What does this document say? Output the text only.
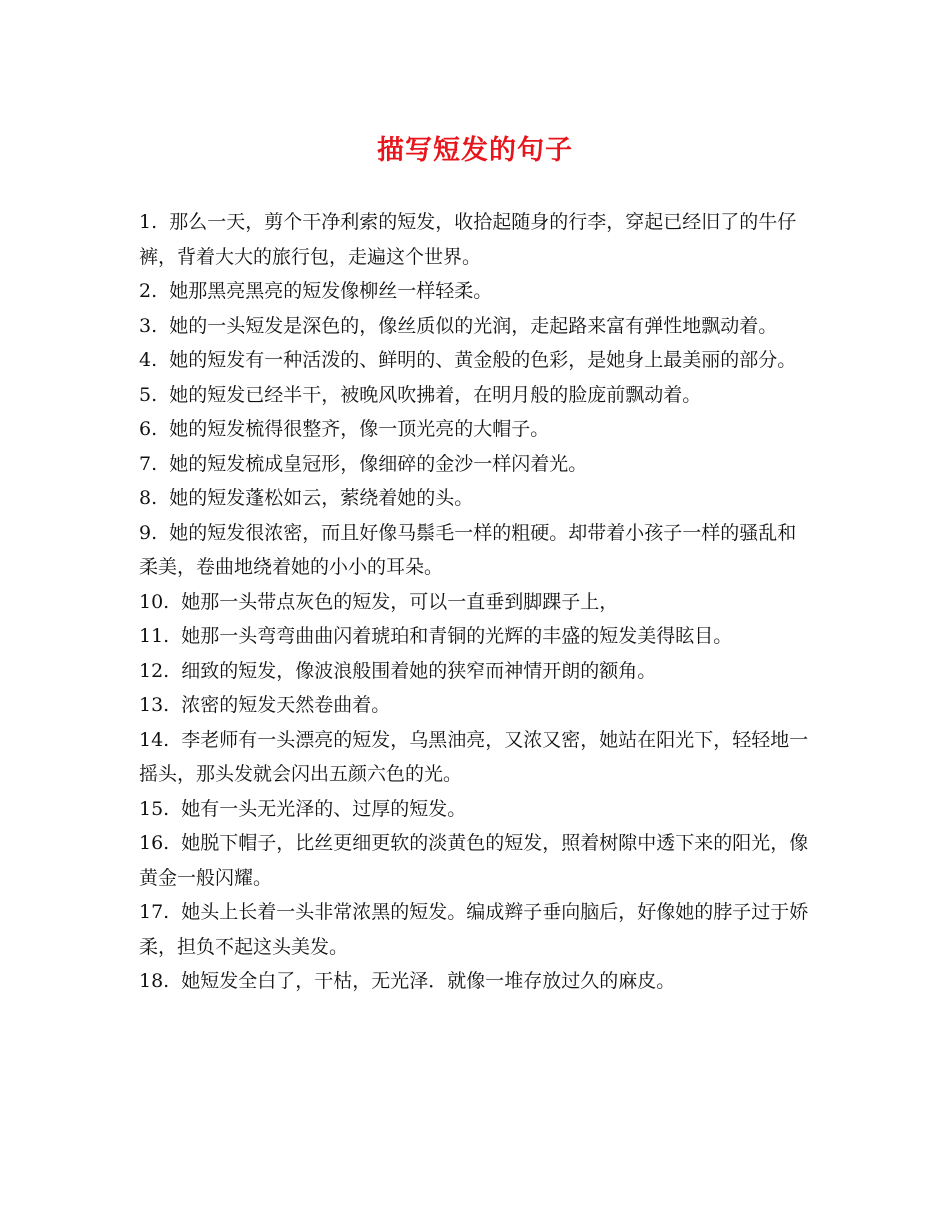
描写短发的句子
1.  那么一天，剪个干净利索的短发，收拾起随身的行李，穿起已经旧了的牛仔裤，背着大大的旅行包，走遍这个世界。
2.  她那黑亮黑亮的短发像柳丝一样轻柔。
3.  她的一头短发是深色的，像丝质似的光润，走起路来富有弹性地飘动着。
4.  她的短发有一种活泼的、鲜明的、黄金般的色彩，是她身上最美丽的部分。
5.  她的短发已经半干，被晚风吹拂着，在明月般的脸庞前飘动着。
6.  她的短发梳得很整齐，像一顶光亮的大帽子。
7.  她的短发梳成皇冠形，像细碎的金沙一样闪着光。
8.  她的短发蓬松如云，萦绕着她的头。
9.  她的短发很浓密，而且好像马鬃毛一样的粗硬。却带着小孩子一样的骚乱和柔美，卷曲地绕着她的小小的耳朵。
10.  她那一头带点灰色的短发，可以一直垂到脚踝子上，
11.  她那一头弯弯曲曲闪着琥珀和青铜的光辉的丰盛的短发美得眩目。
12.  细致的短发，像波浪般围着她的狭窄而神情开朗的额角。
13.  浓密的短发天然卷曲着。
14.  李老师有一头漂亮的短发，乌黑油亮，又浓又密，她站在阳光下，轻轻地一摇头，那头发就会闪出五颜六色的光。
15.  她有一头无光泽的、过厚的短发。
16.  她脱下帽子，比丝更细更软的淡黄色的短发，照着树隙中透下来的阳光，像黄金一般闪耀。
17.  她头上长着一头非常浓黑的短发。编成辫子垂向脑后，好像她的脖子过于娇柔，担负不起这头美发。
18.  她短发全白了，干枯，无光泽．就像一堆存放过久的麻皮。
